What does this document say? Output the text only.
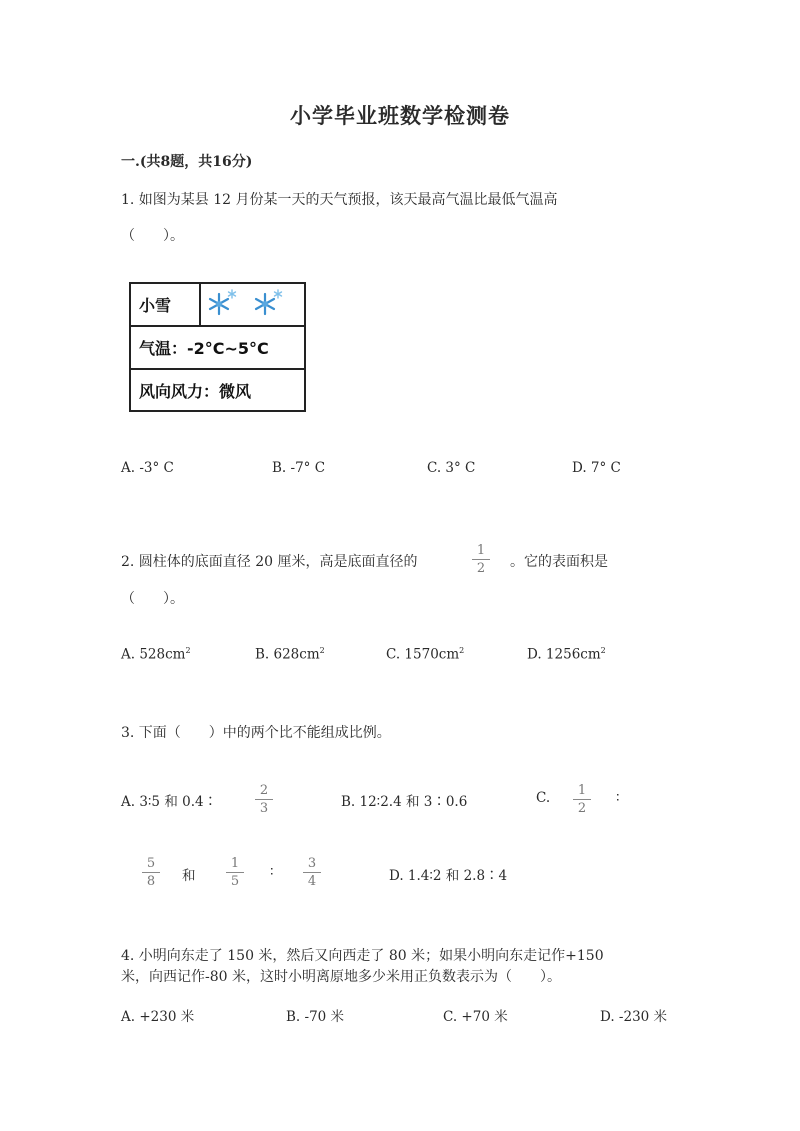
小学毕业班数学检测卷
一.(共8题，共16分)
1. 如图为某县 12 月份某一天的天气预报，该天最高气温比最低气温高
（　　）。
小雪
气温：-2°C~5°C
风向风力：微风
A. -3° C	B. -7° C	C. 3° C	D. 7° C
2. 圆柱体的底面直径 20 厘米，高是底面直径的	$\frac{1}{2}$ 。它的表面积是
（　　）。
A. $528cm^2$	B. $628cm^2$	C. $1570cm^2$	D. $1256cm^2$
3. 下面（　　）中的两个比不能组成比例。
A. 3∶5 和 0.4∶	$\frac{2}{3}$	B. 12∶2.4 和 3∶0.6	C. $\frac{1}{2}$ ∶
$\frac{5}{8}$ 和 $\frac{1}{5}$ ∶ $\frac{3}{4}$	D. 1.4∶2 和 2.8∶4
4. 小明向东走了 150 米，然后又向西走了 80 米；如果小明向东走记作+150
米，向西记作-80 米，这时小明离原地多少米用正负数表示为（　　）。
A. +230 米	B. -70 米	C. +70 米	D. -230 米
